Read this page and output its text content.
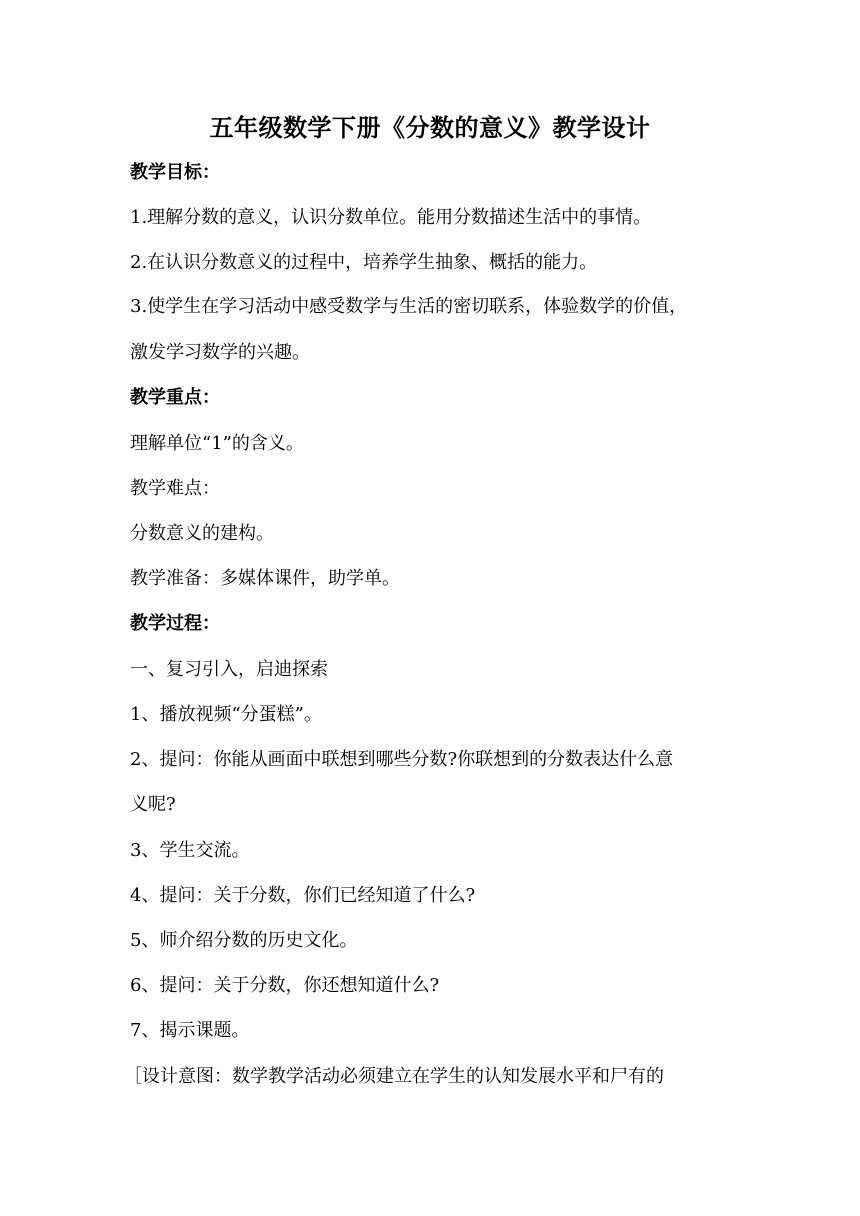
五年级数学下册《分数的意义》教学设计
教学目标：
1.理解分数的意义，认识分数单位。能用分数描述生活中的事情。
2.在认识分数意义的过程中，培养学生抽象、概括的能力。
3.使学生在学习活动中感受数学与生活的密切联系，体验数学的价值，
激发学习数学的兴趣。
教学重点：
理解单位“1”的含义。
教学难点：
分数意义的建构。
教学准备：多媒体课件，助学单。
教学过程：
一、复习引入，启迪探索
1、播放视频“分蛋糕”。
2、提问：你能从画面中联想到哪些分数?你联想到的分数表达什么意
义呢?
3、学生交流。
4、提问：关于分数，你们已经知道了什么?
5、师介绍分数的历史文化。
6、提问：关于分数，你还想知道什么?
7、揭示课题。
［设计意图：数学教学活动必须建立在学生的认知发展水平和尸有的
